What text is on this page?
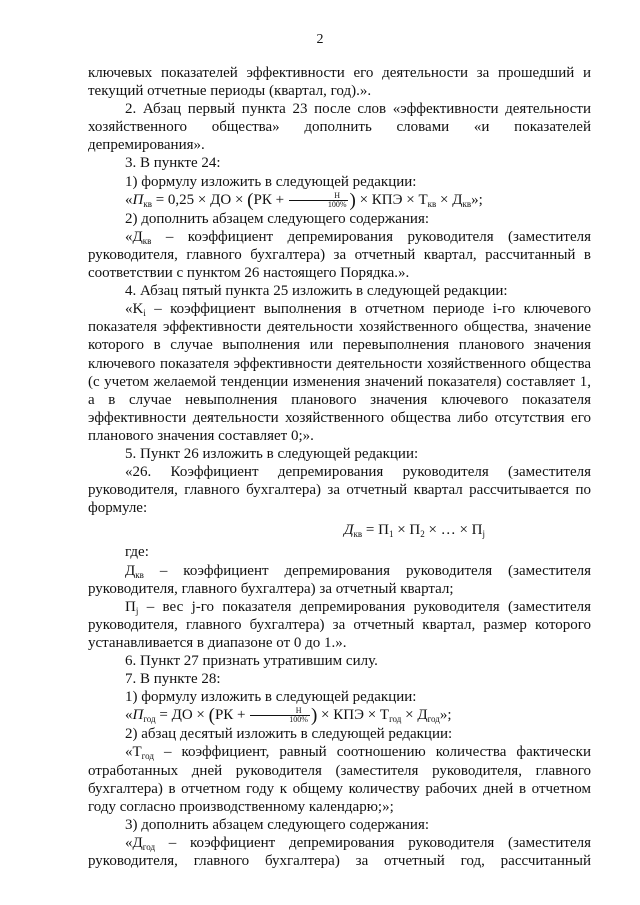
2

ключевых показателей эффективности его деятельности за прошедший и текущий отчетные периоды (квартал, год).».

2. Абзац первый пункта 23 после слов «эффективности деятельности хозяйственного общества» дополнить словами «и показателей депремирования».

3. В пункте 24:

1) формулу изложить в следующей редакции:

«$П_{кв} = 0,25$ × ДО × ($РК + \frac{Н}{100\%}$ ) × КПЭ × $Т_{кв} \times Д_{кв}$»;

2) дополнить абзацем следующего содержания:

«$Д_{кв}$ – коэффициент депремирования руководителя (заместителя руководителя, главного бухгалтера) за отчетный квартал, рассчитанный в соответствии с пунктом 26 настоящего Порядка.».

4. Абзац пятый пункта 25 изложить в следующей редакции:

«$K_i$ – коэффициент выполнения в отчетном периоде i-го ключевого показателя эффективности деятельности хозяйственного общества, значение которого в случае выполнения или перевыполнения планового значения ключевого показателя эффективности деятельности хозяйственного общества (с учетом желаемой тенденции изменения значений показателя) составляет 1, а в случае невыполнения планового значения ключевого показателя эффективности деятельности хозяйственного общества либо отсутствия его планового значения составляет 0;».

5. Пункт 26 изложить в следующей редакции:

«26. Коэффициент депремирования руководителя (заместителя руководителя, главного бухгалтера) за отчетный квартал рассчитывается по формуле:

$Д_{кв} = П_1 \times П_2$ × … × $П_j$

где:

$Д_{кв}$ – коэффициент депремирования руководителя (заместителя руководителя, главного бухгалтера) за отчетный квартал;

$П_j$ – вес j-го показателя депремирования руководителя (заместителя руководителя, главного бухгалтера) за отчетный квартал, размер которого устанавливается в диапазоне от 0 до 1.».

6. Пункт 27 признать утратившим силу.

7. В пункте 28:

1) формулу изложить в следующей редакции:

«$П_{год}$ = ДО × ($РК + \frac{Н}{100\%}$ ) × КПЭ × $Т_{год} \times Д_{год}$»;

2) абзац десятый изложить в следующей редакции:

«$Т_{год}$ – коэффициент, равный соотношению количества фактически отработанных дней руководителя (заместителя руководителя, главного бухгалтера) в отчетном году к общему количеству рабочих дней в отчетном году согласно производственному календарю;»;

3) дополнить абзацем следующего содержания:

«$Д_{год}$ – коэффициент депремирования руководителя (заместителя руководителя, главного бухгалтера) за отчетный год, рассчитанный
